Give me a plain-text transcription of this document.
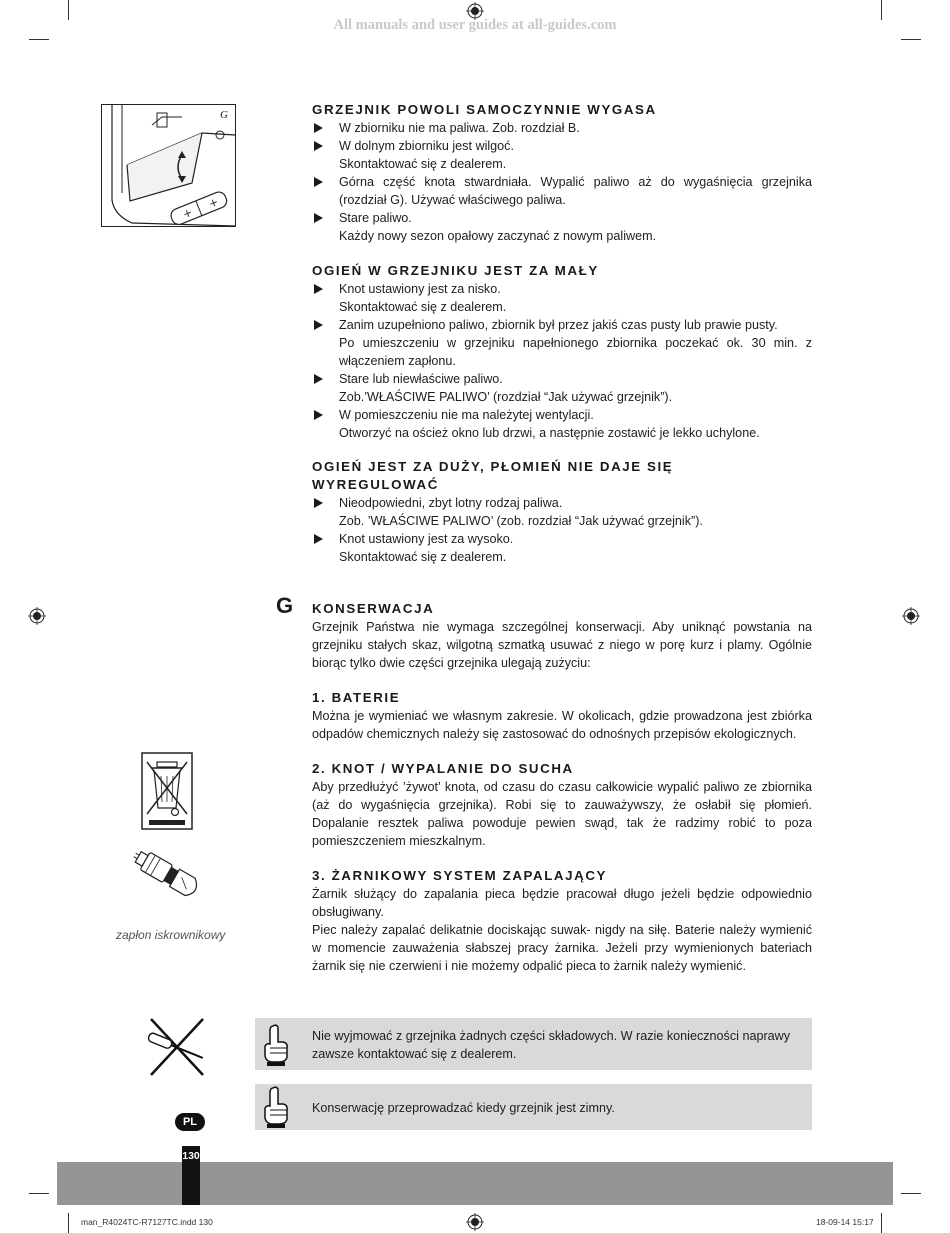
All manuals and user guides at all-guides.com
+
+
G	GRZEJNIK POWOLI SAMOCZYNNIE WYGASA
W zbiorniku nie ma paliwa. Zob. rozdział B.
W dolnym zbiorniku jest wilgoć.
Skontaktować się z dealerem.
Górna część knota stwardniała. Wypalić paliwo aż do wygaśnięcia grzejnika (rozdział G). Używać właściwego paliwa.
Stare paliwo.
Każdy nowy sezon opałowy zaczynać z nowym paliwem.
OGIEŃ W GRZEJNIKU JEST ZA MAŁY
Knot ustawiony jest za nisko.
Skontaktować się z dealerem.
Zanim uzupełniono paliwo, zbiornik był przez jakiś czas pusty lub prawie pusty.
Po umieszczeniu w grzejniku napełnionego zbiornika poczekać ok. 30 min. z włączeniem zapłonu.
Stare lub niewłaściwe paliwo.
Zob.’WŁAŚCIWE PALIWO’ (rozdział “Jak używać grzejnik”).
W pomieszczeniu nie ma należytej wentylacji.
Otworzyć na oścież okno lub drzwi, a następnie zostawić je lekko uchylone.
OGIEŃ JEST ZA DUŻY, PŁOMIEŃ NIE DAJE SIĘ
WYREGULOWAĆ
Nieodpowiedni, zbyt lotny rodzaj paliwa.
Zob. ’WŁAŚCIWE PALIWO’ (zob. rozdział “Jak używać grzejnik”).
Knot ustawiony jest za wysoko.
Skontaktować się z dealerem.
G KONSERWACJA
Grzejnik Państwa nie wymaga szczególnej konserwacji. Aby uniknąć powstania na grzejniku stałych skaz, wilgotną szmatką usuwać z niego w porę kurz i plamy. Ogólnie biorąc tylko dwie części grzejnika ulegają zużyciu:
1. BATERIE
Można je wymieniać we własnym zakresie. W okolicach, gdzie prowadzona jest zbiórka odpadów chemicznych należy się zastosować do odnośnych przepisów ekologicznych.
2. KNOT / WYPALANIE DO SUCHA
Aby przedłużyć ’żywot’ knota, od czasu do czasu całkowicie wypalić paliwo ze zbiornika (aż do wygaśnięcia grzejnika). Robi się to zauważywszy, że osłabił się płomień. Dopalanie resztek paliwa powoduje pewien swąd, tak że radzimy robić to poza pomieszczeniem mieszkalnym.
3. ŻARNIKOWY SYSTEM ZAPALAJĄCY
Żarnik służący do zapalania pieca będzie pracował długo jeżeli będzie odpowiednio obsługiwany.
Piec należy zapalać delikatnie dociskając suwak- nigdy na siłę. Baterie należy wymienić w momencie zauważenia słabszej pracy żarnika. Jeżeli przy wymienionych bateriach żarnik się nie czerwieni i nie możemy odpalić pieca to żarnik należy wymienić.
zapłon iskrownikowy
Nie wyjmować z grzejnika żadnych części składowych. W razie konieczności naprawy zawsze kontaktować się z dealerem.
Konserwację przeprowadzać kiedy grzejnik jest zimny.
PL
130
man_R4024TC-R7127TC.indd 130	18-09-14 15:17
